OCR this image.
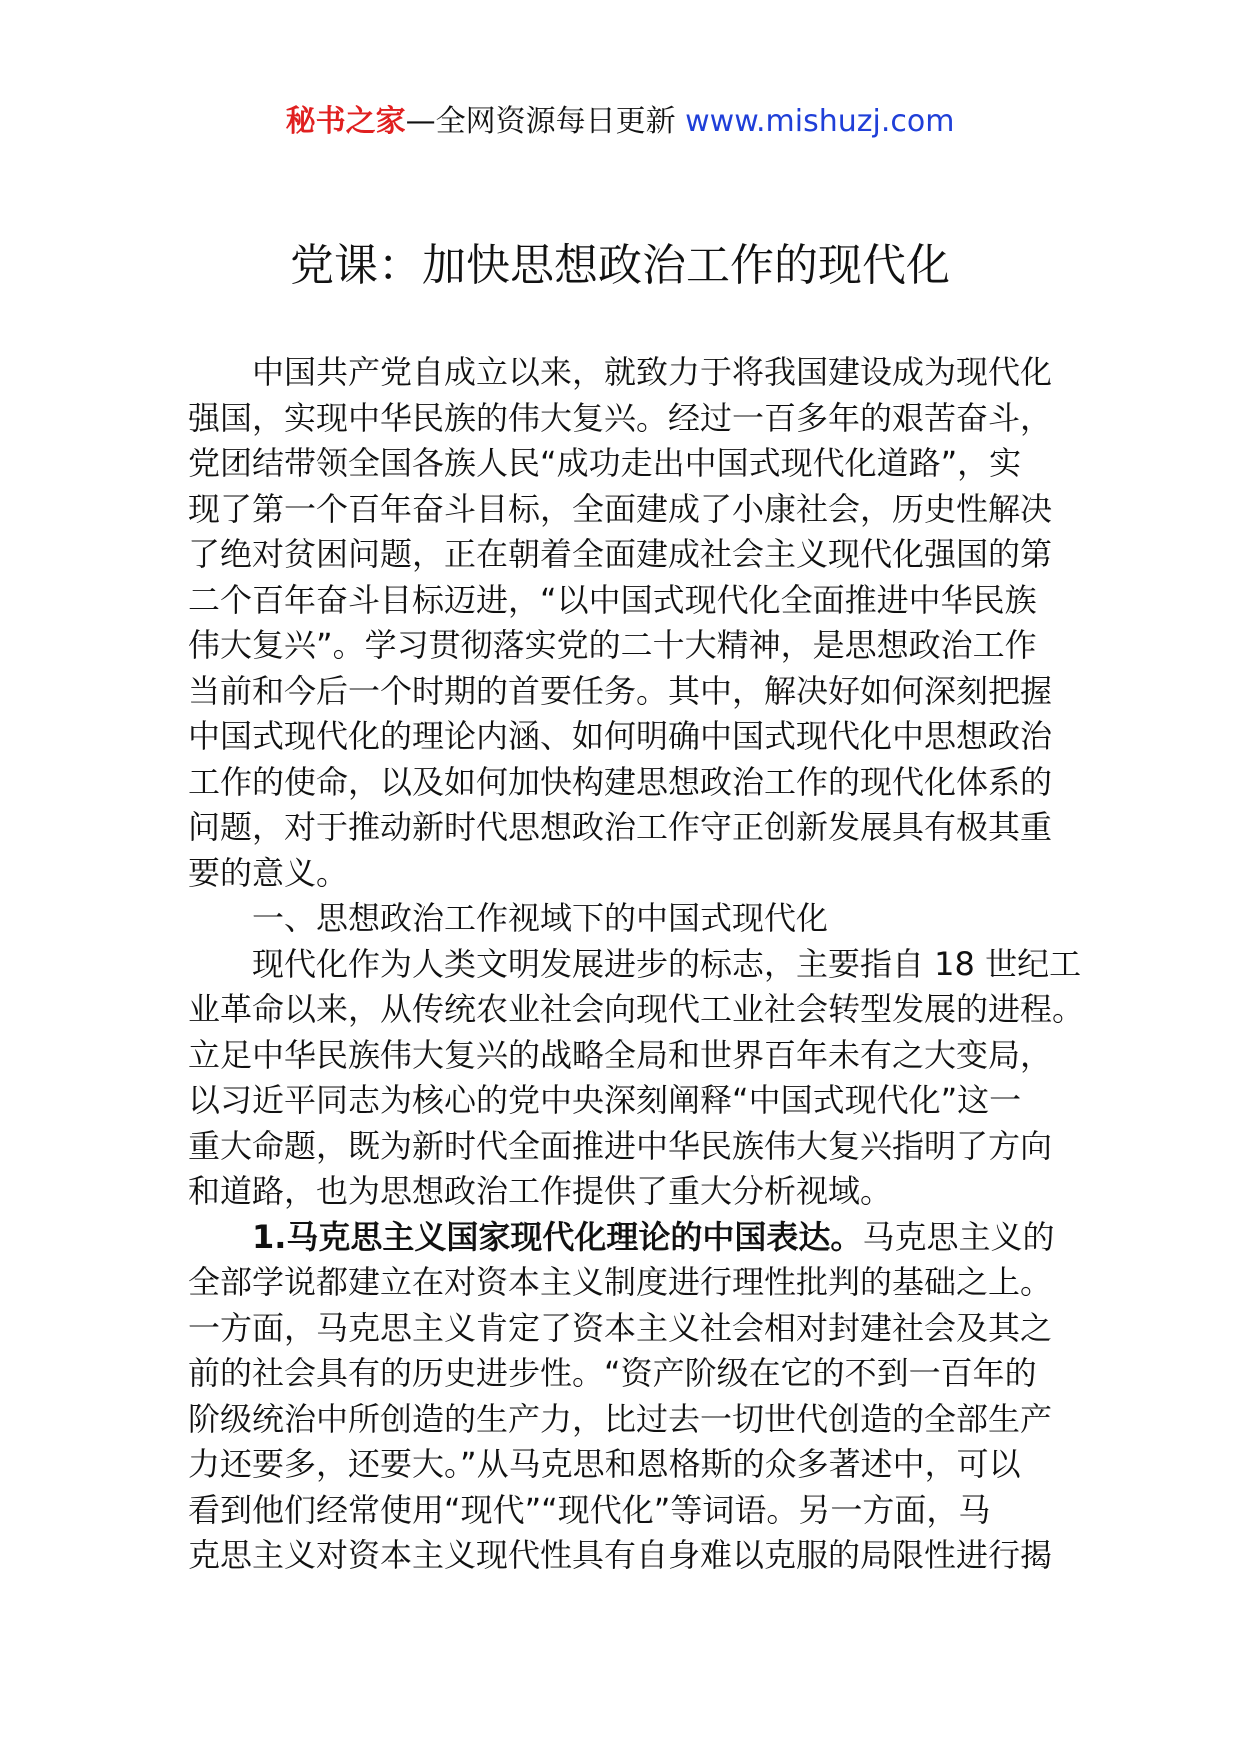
秘书之家—全网资源每日更新 www.mishuzj.com
党课：加快思想政治工作的现代化
中国共产党自成立以来，就致力于将我国建设成为现代化
强国，实现中华民族的伟大复兴。经过一百多年的艰苦奋斗，
党团结带领全国各族人民“成功走出中国式现代化道路”，实
现了第一个百年奋斗目标，全面建成了小康社会，历史性解决
了绝对贫困问题，正在朝着全面建成社会主义现代化强国的第
二个百年奋斗目标迈进，“以中国式现代化全面推进中华民族
伟大复兴”。学习贯彻落实党的二十大精神，是思想政治工作
当前和今后一个时期的首要任务。其中，解决好如何深刻把握
中国式现代化的理论内涵、如何明确中国式现代化中思想政治
工作的使命，以及如何加快构建思想政治工作的现代化体系的
问题，对于推动新时代思想政治工作守正创新发展具有极其重
要的意义。
一、思想政治工作视域下的中国式现代化
现代化作为人类文明发展进步的标志，主要指自 18 世纪工
业革命以来，从传统农业社会向现代工业社会转型发展的进程。
立足中华民族伟大复兴的战略全局和世界百年未有之大变局，
以习近平同志为核心的党中央深刻阐释“中国式现代化”这一
重大命题，既为新时代全面推进中华民族伟大复兴指明了方向
和道路，也为思想政治工作提供了重大分析视域。
1.马克思主义国家现代化理论的中国表达。马克思主义的
全部学说都建立在对资本主义制度进行理性批判的基础之上。
一方面，马克思主义肯定了资本主义社会相对封建社会及其之
前的社会具有的历史进步性。“资产阶级在它的不到一百年的
阶级统治中所创造的生产力，比过去一切世代创造的全部生产
力还要多，还要大。”从马克思和恩格斯的众多著述中，可以
看到他们经常使用“现代”“现代化”等词语。另一方面，马
克思主义对资本主义现代性具有自身难以克服的局限性进行揭
